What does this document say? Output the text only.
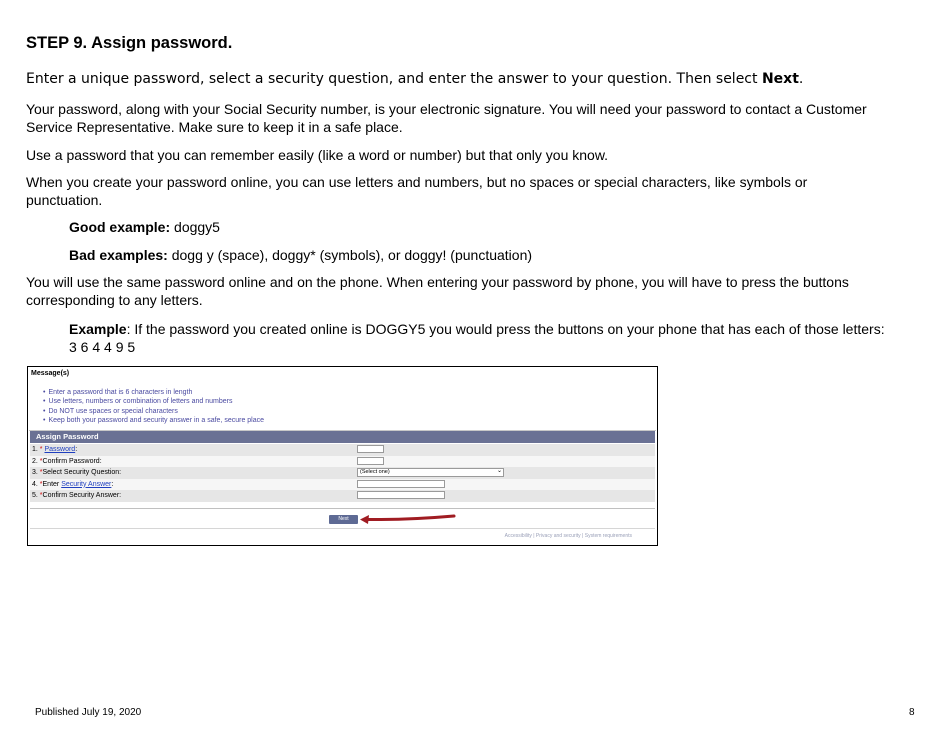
STEP 9. Assign password.

Enter a unique password, select a security question, and enter the answer to your question. Then select Next.

Your password, along with your Social Security number, is your electronic signature. You will need your password to contact a Customer Service Representative. Make sure to keep it in a safe place.

Use a password that you can remember easily (like a word or number) but that only you know.

When you create your password online, you can use letters and numbers, but no spaces or special characters, like symbols or punctuation.

Good example: doggy5

Bad examples: dogg y (space), doggy* (symbols), or doggy! (punctuation)

You will use the same password online and on the phone. When entering your password by phone, you will have to press the buttons corresponding to any letters.

Example: If the password you created online is DOGGY5 you would press the buttons on your phone that has each of those letters: 3 6 4 4 9 5

Message(s)
• Enter a password that is 6 characters in length
• Use letters, numbers or combination of letters and numbers
• Do NOT use spaces or special characters
• Keep both your password and security answer in a safe, secure place
Assign Password
1. * Password:
2. *Confirm Password:
3. *Select Security Question:	(Select one)	⌄
4. *Enter Security Answer:
5. *Confirm Security Answer:
Next
Accessibility | Privacy and security | System requirements
Published July 19, 2020	8
